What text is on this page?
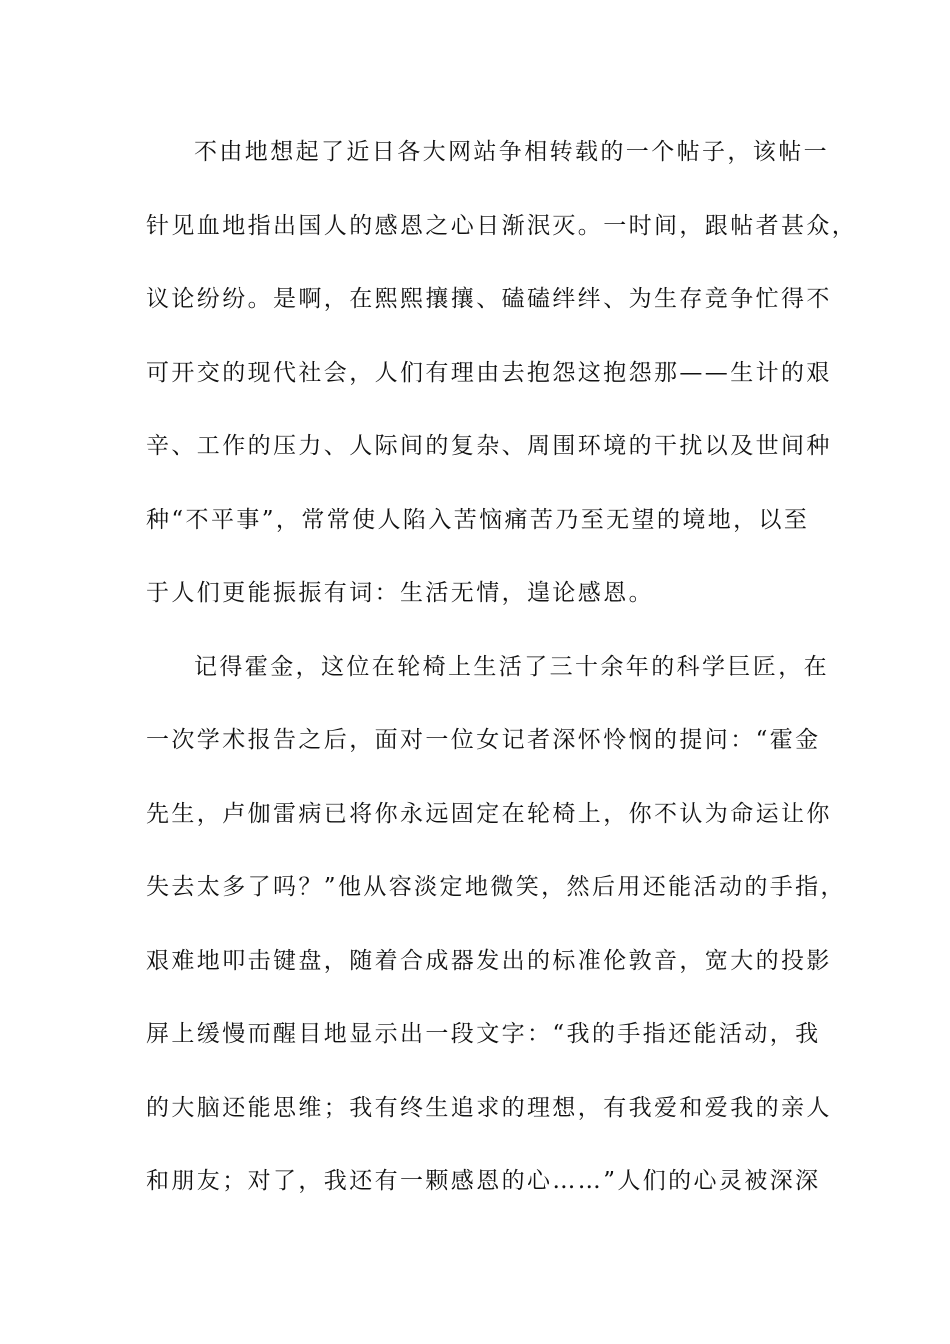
不由地想起了近日各大网站争相转载的一个帖子，该帖一
针见血地指出国人的感恩之心日渐泯灭。一时间，跟帖者甚众，
议论纷纷。是啊，在熙熙攘攘、磕磕绊绊、为生存竞争忙得不
可开交的现代社会，人们有理由去抱怨这抱怨那——生计的艰
辛、工作的压力、人际间的复杂、周围环境的干扰以及世间种
种“不平事”，常常使人陷入苦恼痛苦乃至无望的境地，以至
于人们更能振振有词：生活无情，遑论感恩。
记得霍金，这位在轮椅上生活了三十余年的科学巨匠，在
一次学术报告之后，面对一位女记者深怀怜悯的提问：“霍金
先生，卢伽雷病已将你永远固定在轮椅上，你不认为命运让你
失去太多了吗？”他从容淡定地微笑，然后用还能活动的手指，
艰难地叩击键盘，随着合成器发出的标准伦敦音，宽大的投影
屏上缓慢而醒目地显示出一段文字：“我的手指还能活动，我
的大脑还能思维；我有终生追求的理想，有我爱和爱我的亲人
和朋友；对了，我还有一颗感恩的心……”人们的心灵被深深
